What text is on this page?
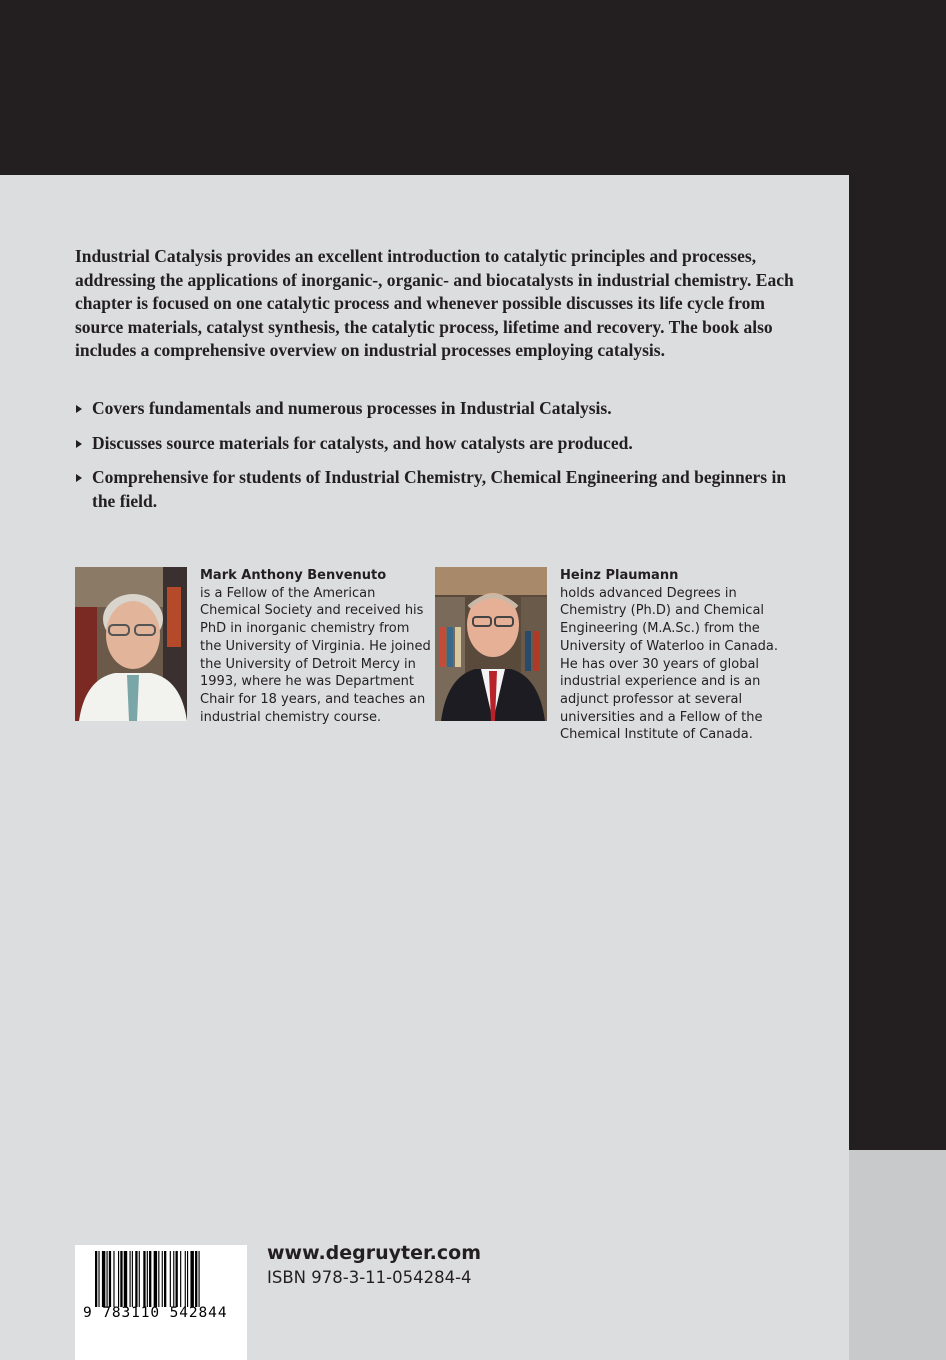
Industrial Catalysis provides an excellent introduction to catalytic principles and processes, addressing the applications of inorganic-, organic- and biocatalysts in industrial chemistry. Each chapter is focused on one catalytic process and whenever possible discusses its life cycle from source materials, catalyst synthesis, the catalytic process, lifetime and recovery. The book also includes a comprehensive overview on industrial processes employing catalysis.

Covers fundamentals and numerous processes in Industrial Catalysis.
Discusses source materials for catalysts, and how catalysts are produced.
Comprehensive for students of Industrial Chemistry, Chemical Engineering and beginners in the field.
Mark Anthony Benvenuto
is a Fellow of the American Chemical Society and received his PhD in inorganic chemistry from the University of Virginia. He joined the University of Detroit Mercy in 1993, where he was Department Chair for 18 years, and teaches an industrial chemistry course.
Heinz Plaumann
holds advanced Degrees in Chemistry (Ph.D) and Chemical Engineering (M.A.Sc.) from the University of Waterloo in Canada. He has over 30 years of global industrial experience and is an adjunct professor at several universities and a Fellow of the Chemical Institute of Canada.
9 783110 542844
www.degruyter.com
ISBN 978-3-11-054284-4
